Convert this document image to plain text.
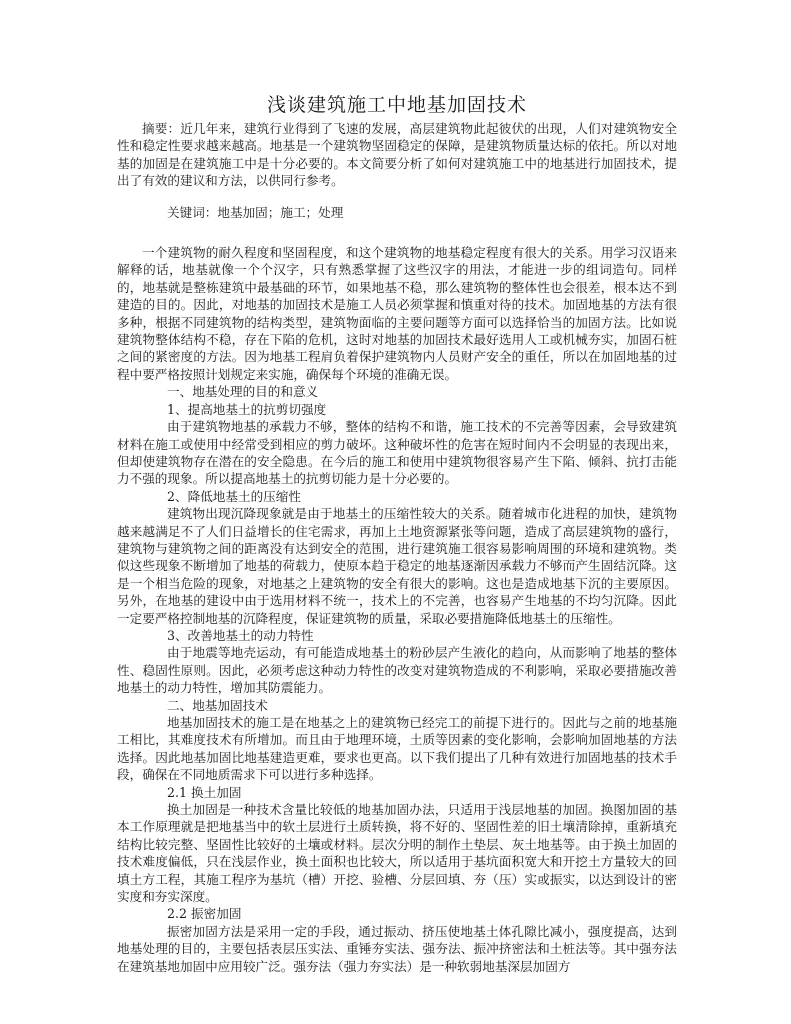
浅谈建筑施工中地基加固技术

摘要：近几年来，建筑行业得到了飞速的发展，高层建筑物此起彼伏的出现，人们对建筑物安全性和稳定性要求越来越高。地基是一个建筑物坚固稳定的保障，是建筑物质量达标的依托。所以对地基的加固是在建筑施工中是十分必要的。本文简要分析了如何对建筑施工中的地基进行加固技术，提出了有效的建议和方法，以供同行参考。

关键词：地基加固；施工；处理

一个建筑物的耐久程度和坚固程度，和这个建筑物的地基稳定程度有很大的关系。用学习汉语来解释的话，地基就像一个个汉字，只有熟悉掌握了这些汉字的用法，才能进一步的组词造句。同样的，地基就是整栋建筑中最基础的环节，如果地基不稳，那么建筑物的整体性也会很差，根本达不到建造的目的。因此，对地基的加固技术是施工人员必须掌握和慎重对待的技术。加固地基的方法有很多种，根据不同建筑物的结构类型，建筑物面临的主要问题等方面可以选择恰当的加固方法。比如说建筑物整体结构不稳，存在下陷的危机，这时对地基的加固技术最好选用人工或机械夯实，加固石桩之间的紧密度的方法。因为地基工程肩负着保护建筑物内人员财产安全的重任，所以在加固地基的过程中要严格按照计划规定来实施，确保每个环境的准确无误。

一、地基处理的目的和意义

1、提高地基土的抗剪切强度

由于建筑物地基的承载力不够，整体的结构不和谐，施工技术的不完善等因素，会导致建筑材料在施工或使用中经常受到相应的剪力破坏。这种破坏性的危害在短时间内不会明显的表现出来，但却使建筑物存在潜在的安全隐患。在今后的施工和使用中建筑物很容易产生下陷、倾斜、抗打击能力不强的现象。所以提高地基土的抗剪切能力是十分必要的。

2、降低地基土的压缩性

建筑物出现沉降现象就是由于地基土的压缩性较大的关系。随着城市化进程的加快，建筑物越来越满足不了人们日益增长的住宅需求，再加上土地资源紧张等问题，造成了高层建筑物的盛行，建筑物与建筑物之间的距离没有达到安全的范围，进行建筑施工很容易影响周围的环境和建筑物。类似这些现象不断增加了地基的荷载力，使原本趋于稳定的地基逐渐因承载力不够而产生固结沉降。这是一个相当危险的现象，对地基之上建筑物的安全有很大的影响。这也是造成地基下沉的主要原因。另外，在地基的建设中由于选用材料不统一，技术上的不完善，也容易产生地基的不均匀沉降。因此一定要严格控制地基的沉降程度，保证建筑物的质量，采取必要措施降低地基土的压缩性。

3、改善地基土的动力特性

由于地震等地壳运动，有可能造成地基土的粉砂层产生液化的趋向，从而影响了地基的整体性、稳固性原则。因此，必须考虑这种动力特性的改变对建筑物造成的不利影响，采取必要措施改善地基土的动力特性，增加其防震能力。

二、地基加固技术

地基加固技术的施工是在地基之上的建筑物已经完工的前提下进行的。因此与之前的地基施工相比，其难度技术有所增加。而且由于地理环境，土质等因素的变化影响，会影响加固地基的方法选择。因此地基加固比地基建造更难，要求也更高。以下我们提出了几种有效进行加固地基的技术手段，确保在不同地质需求下可以进行多种选择。

2.1 换土加固

换土加固是一种技术含量比较低的地基加固办法，只适用于浅层地基的加固。换图加固的基本工作原理就是把地基当中的软土层进行土质转换，将不好的、坚固性差的旧土壤清除掉，重新填充结构比较完整、坚固性比较好的土壤或材料。层次分明的制作土垫层、灰土地基等。由于换土加固的技术难度偏低，只在浅层作业，换土面积也比较大，所以适用于基坑面积宽大和开挖土方量较大的回填土方工程，其施工程序为基坑（槽）开挖、验槽、分层回填、夯（压）实或振实，以达到设计的密实度和夯实深度。

2.2 振密加固

振密加固方法是采用一定的手段，通过振动、挤压使地基土体孔隙比减小，强度提高，达到地基处理的目的，主要包括表层压实法、重锤夯实法、强夯法、振冲挤密法和土桩法等。其中强夯法在建筑基地加固中应用较广泛。强夯法（强力夯实法）是一种软弱地基深层加固方
